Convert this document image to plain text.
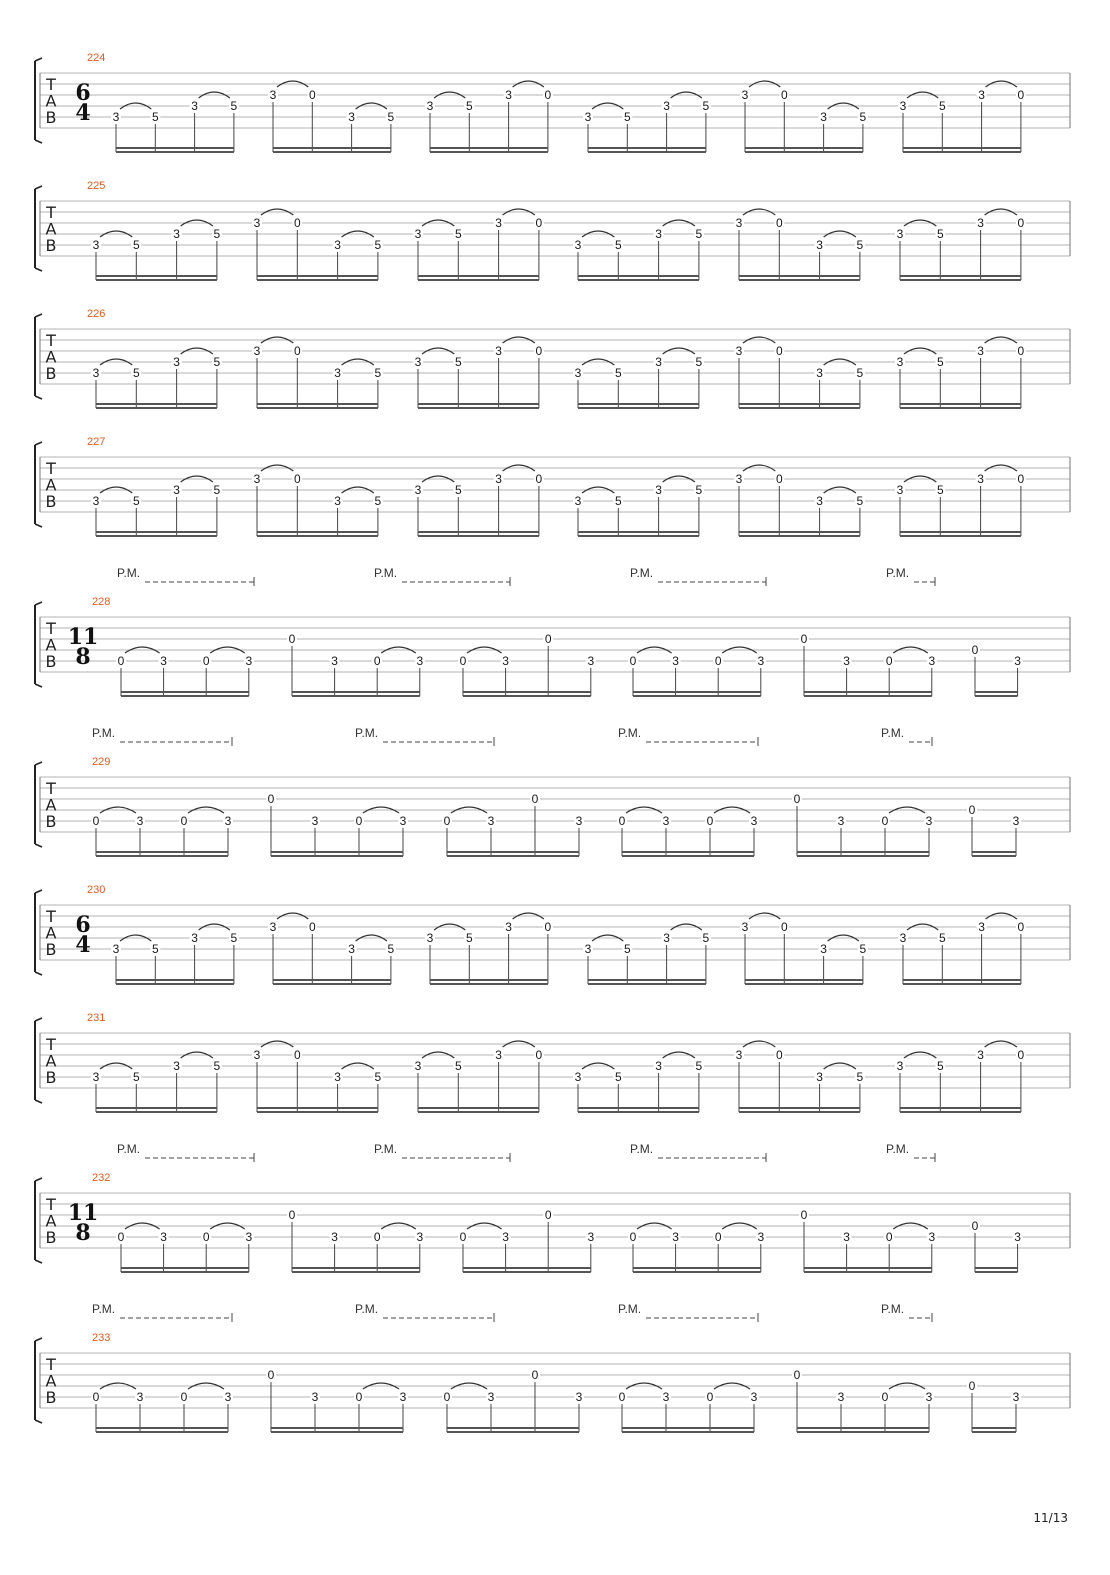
T
A
B
224
6
4 3	5
3	5
3	0
3	5
3	5
3	0
3	5
3	5
3	0
3	5
3	5
3	0
T
A
B
225
3	5
3	5
3	0
3	5
3	5
3	0
3	5
3	5
3	0
3	5
3	5
3	0
T
A
B
226
3	5
3	5
3	0
3	5
3	5
3	0
3	5
3	5
3	0
3	5
3	5
3	0
T
A
B
227
3	5
3	5
3	0
3	5
3	5
3	0
3	5
3	5
3	0
3	5
3	5
3	0
T
A
B
228
11
8
P.M.	P.M.	P.M.	P.M.
0	3	0	3
0
3	0	3	0	3
0
3	0	3	0	3
0
3	0	3
0
3
T
A
B
229
P.M.	P.M.	P.M.	P.M.
0	3	0	3
0
3	0	3	0	3
0
3	0	3	0	3
0
3	0	3
0
3
T
A
B
230
6
4 3	5
3	5
3	0
3	5
3	5
3	0
3	5
3	5
3	0
3	5
3	5
3	0
T
A
B
231
3	5
3	5
3	0
3	5
3	5
3	0
3	5
3	5
3	0
3	5
3	5
3	0
T
A
B
232
11
8
P.M.	P.M.	P.M.	P.M.
0	3	0	3
0
3	0	3	0	3
0
3	0	3	0	3
0
3	0	3
0
3
T
A
B
233
P.M.	P.M.	P.M.	P.M.
0	3	0	3
0
3	0	3	0	3
0
3	0	3	0	3
0
3	0	3
0
3
11/13
